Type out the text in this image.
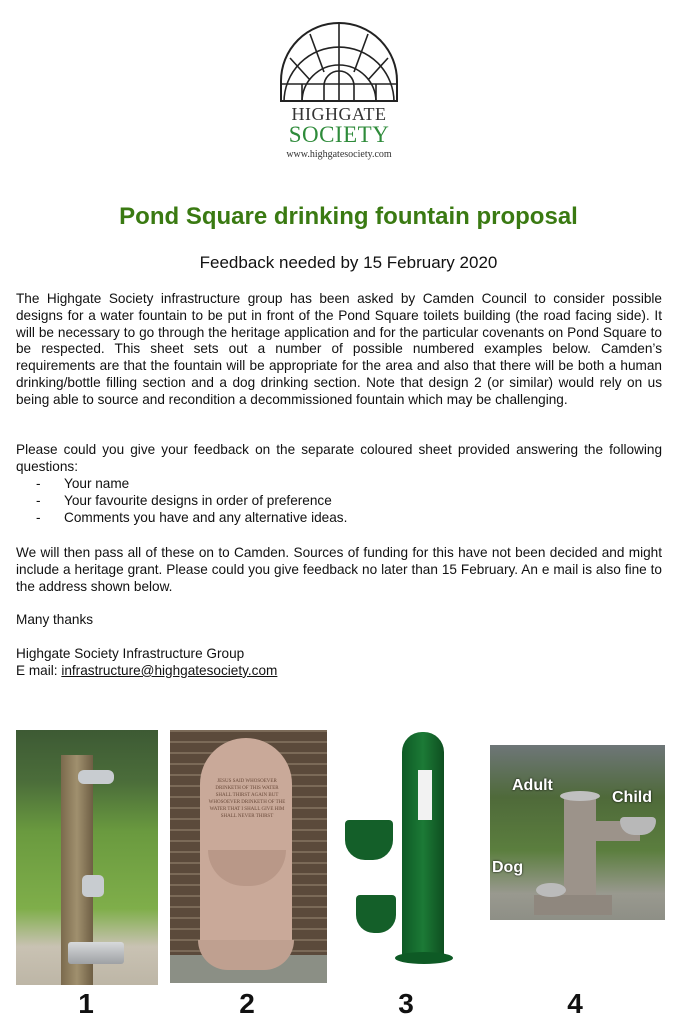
HIGHGATE
SOCIETY
www.highgatesociety.com
Pond Square drinking fountain proposal
Feedback needed by 15 February 2020

The Highgate Society infrastructure group has been asked by Camden Council to consider possible designs for a water fountain to be put in front of the Pond Square toilets building (the road facing side). It will be necessary to go through the heritage application and for the particular covenants on Pond Square to be respected. This sheet sets out a number of possible numbered examples below. Camden’s requirements are that the fountain will be appropriate for the area and also that there will be both a human drinking/bottle filling section and a dog drinking section. Note that design 2 (or similar) would rely on us being able to source and recondition a decommissioned fountain which may be challenging.

Please could you give your feedback on the separate coloured sheet provided answering the following questions:

- Your name
- Your favourite designs in order of preference
- Comments you have and any alternative ideas.

We will then pass all of these on to Camden. Sources of funding for this have not been decided and might include a heritage grant. Please could you give feedback no later than 15 February. An e mail is also fine to the address shown below.

Many thanks

Highgate Society Infrastructure Group
E mail: infrastructure@highgatesociety.com
JESUS SAID WHOSOEVER DRINKETH OF THIS WATER SHALL THIRST AGAIN BUT WHOSOEVER DRINKETH OF THE WATER THAT I SHALL GIVE HIM SHALL NEVER THIRST
Adult
Child
Dog
1	2	3	4
